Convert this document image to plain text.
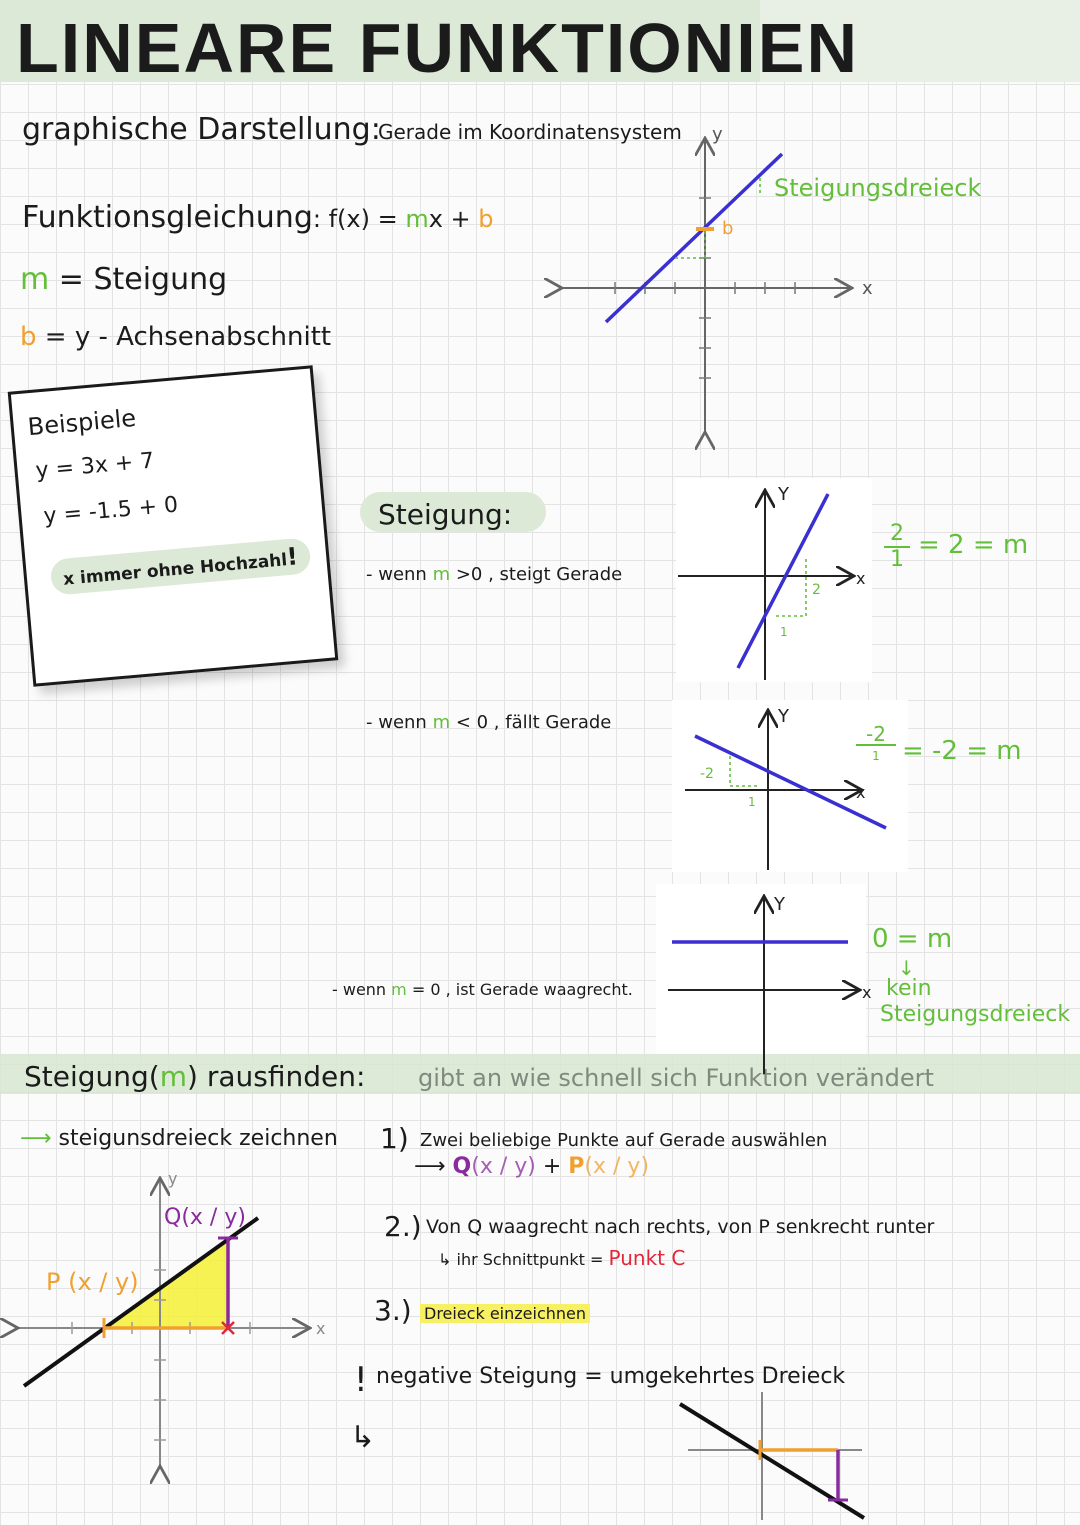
LINEARE FUNKTIONIEN
graphische Darstellung:
Gerade im Koordinatensystem
Funktionsgleichung: f(x) = mx + b
m = Steigung
b = y - Achsenabschnitt
Beispiele
y = 3x + 7
y = -1.5 + 0
x immer ohne Hochzahl!
Steigung:
- wenn m >0 , steigt Gerade
- wenn m < 0 , fällt Gerade
- wenn m = 0 , ist Gerade waagrecht.
$\frac{2}{1} = 2 = m$
-2
1 = -2 = m
0 = m
↓
kein
Steigungsdreieck
Steigung(m) rausfinden: gibt an wie schnell sich Funktion verändert
⟶ steigunsdreieck zeichnen 1) Zwei beliebige Punkte auf Gerade auswählen
⟶ Q(x / y) + P(x / y)
2.) Von Q waagrecht nach rechts, von P senkrecht runter
↳ ihr Schnittpunkt = Punkt C
3.) Dreieck einzeichnen
! negative Steigung = umgekehrtes Dreieck
↳
y
x
b
Steigungsdreieck
Y
x
2
1
Y
x
-2
1
Y
x
Q(x / y)
P (x / y)
y
x
